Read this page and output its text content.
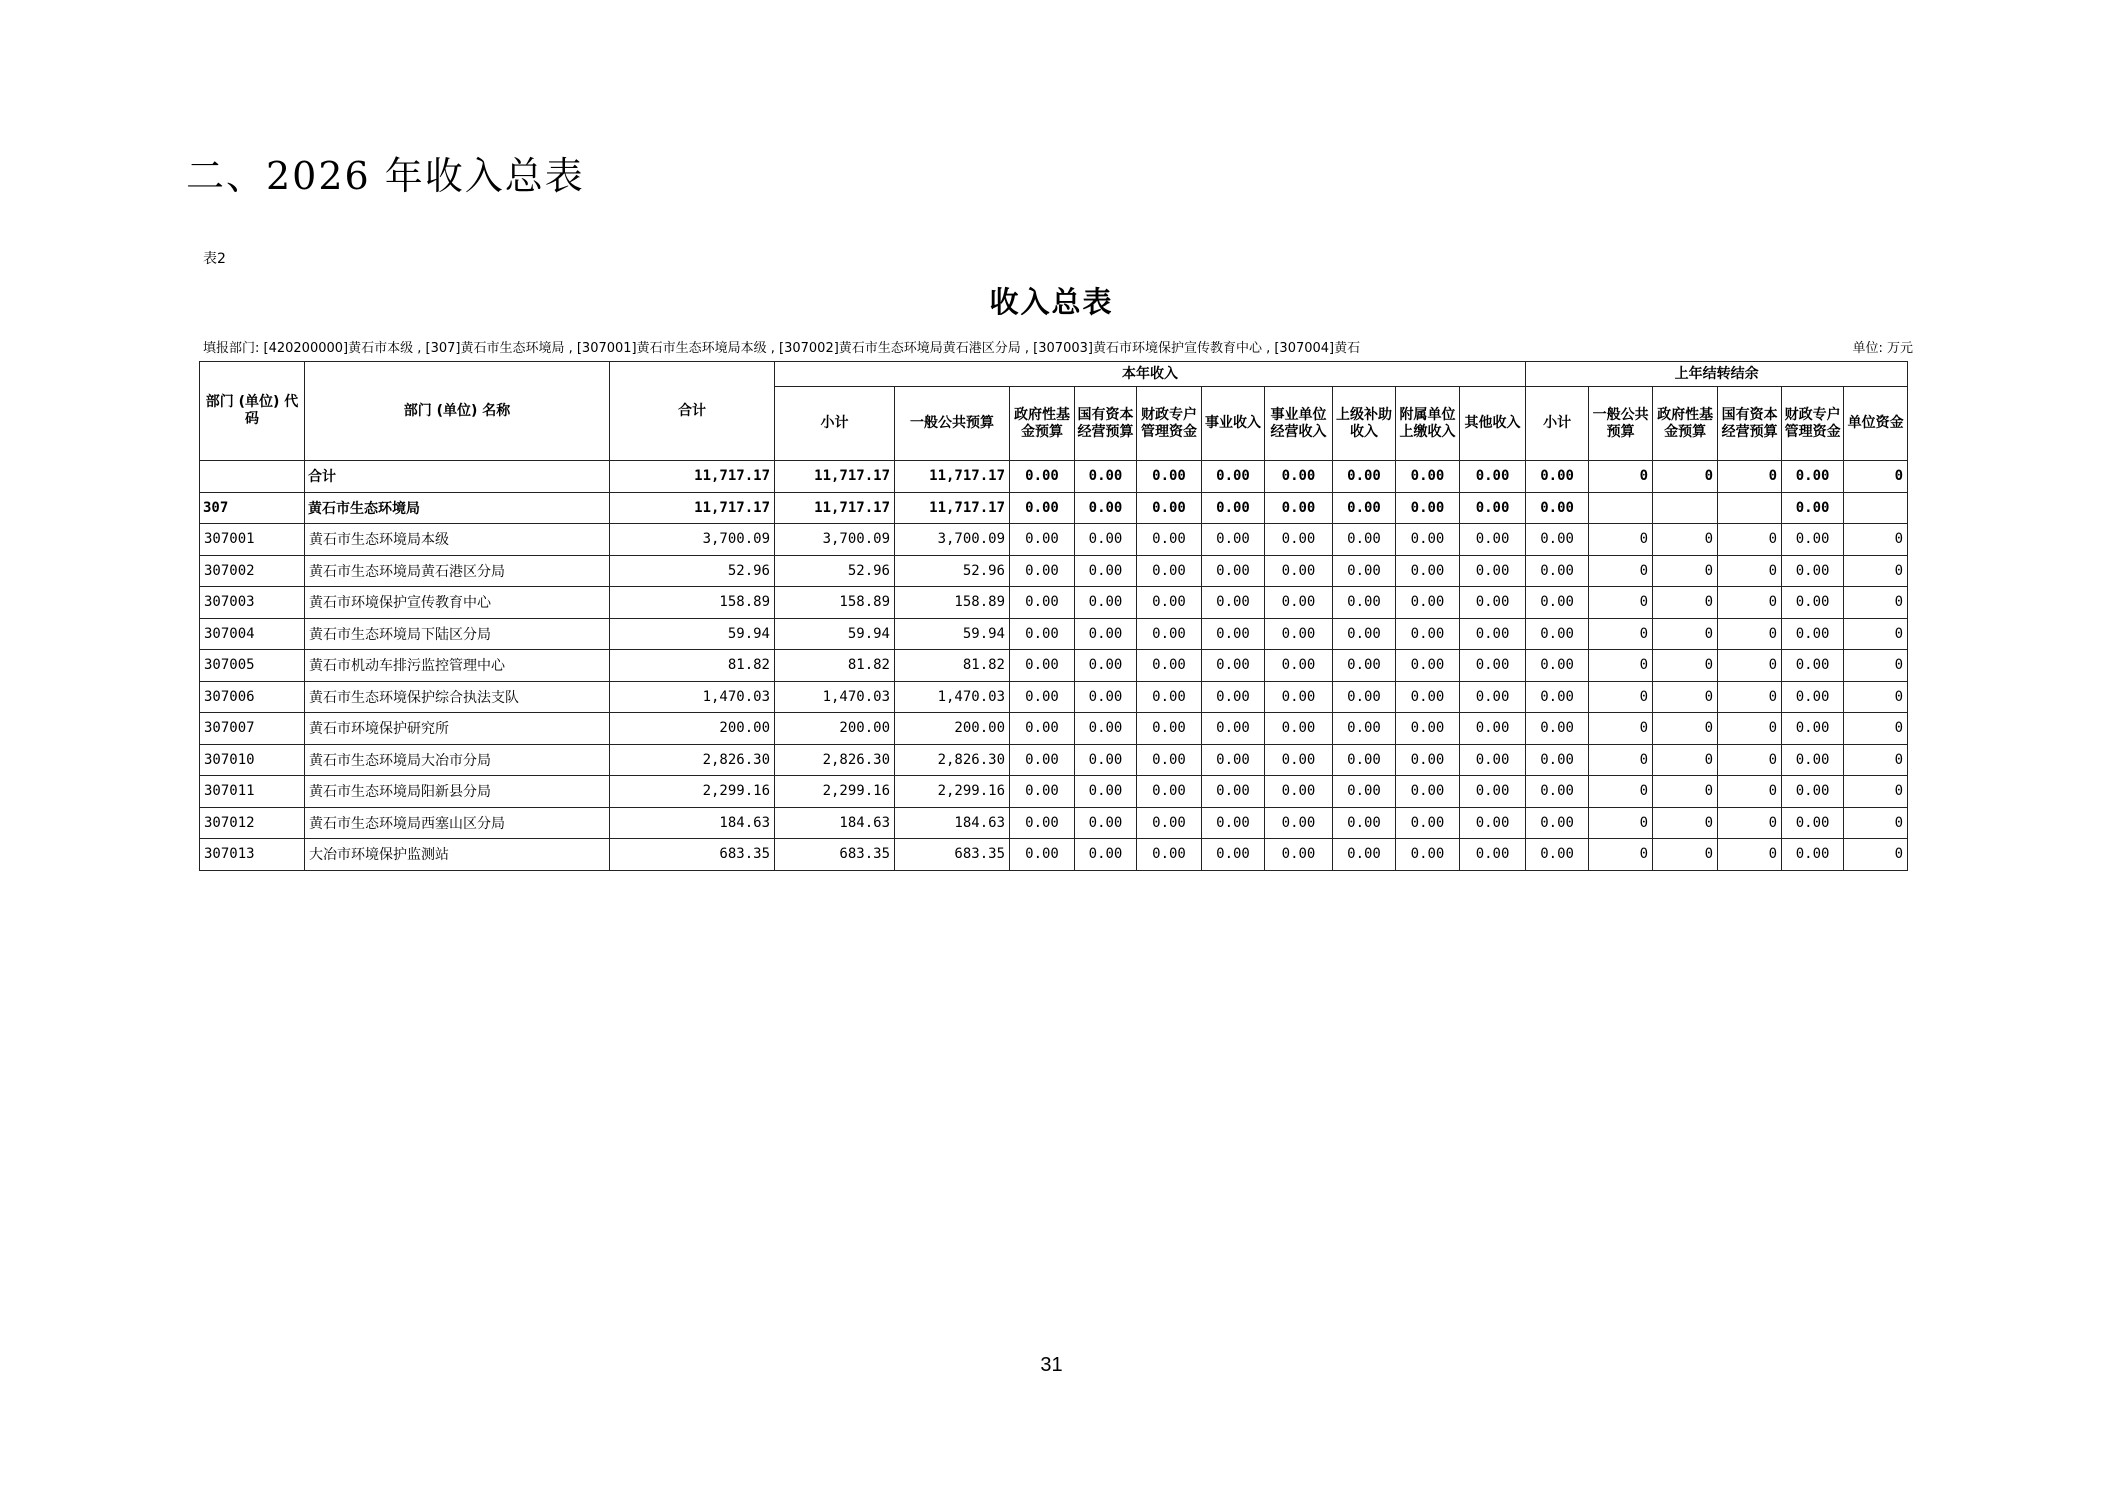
二、2026 年收入总表
表2
收入总表
填报部门: [420200000]黄石市本级 , [307]黄石市生态环境局 , [307001]黄石市生态环境局本级 , [307002]黄石市生态环境局黄石港区分局 , [307003]黄石市环境保护宣传教育中心 , [307004]黄石	单位: 万元
部门 (单位) 代码	部门 (单位) 名称	合计	本年收入										上年结转结余					
			小计	一般公共预算	政府性基金预算	国有资本经营预算	财政专户管理资金	事业收入	事业单位经营收入	上级补助收入	附属单位上缴收入	其他收入	小计	一般公共预算	政府性基金预算	国有资本经营预算	财政专户管理资金	单位资金
	合计	11,717.17	11,717.17	11,717.17	0.00	0.00	0.00	0.00	0.00	0.00	0.00	0.00	0.00	0	0	0	0.00	0
307	黄石市生态环境局	11,717.17	11,717.17	11,717.17	0.00	0.00	0.00	0.00	0.00	0.00	0.00	0.00	0.00				0.00	
307001	黄石市生态环境局本级	3,700.09	3,700.09	3,700.09	0.00	0.00	0.00	0.00	0.00	0.00	0.00	0.00	0.00	0	0	0	0.00	0
307002	黄石市生态环境局黄石港区分局	52.96	52.96	52.96	0.00	0.00	0.00	0.00	0.00	0.00	0.00	0.00	0.00	0	0	0	0.00	0
307003	黄石市环境保护宣传教育中心	158.89	158.89	158.89	0.00	0.00	0.00	0.00	0.00	0.00	0.00	0.00	0.00	0	0	0	0.00	0
307004	黄石市生态环境局下陆区分局	59.94	59.94	59.94	0.00	0.00	0.00	0.00	0.00	0.00	0.00	0.00	0.00	0	0	0	0.00	0
307005	黄石市机动车排污监控管理中心	81.82	81.82	81.82	0.00	0.00	0.00	0.00	0.00	0.00	0.00	0.00	0.00	0	0	0	0.00	0
307006	黄石市生态环境保护综合执法支队	1,470.03	1,470.03	1,470.03	0.00	0.00	0.00	0.00	0.00	0.00	0.00	0.00	0.00	0	0	0	0.00	0
307007	黄石市环境保护研究所	200.00	200.00	200.00	0.00	0.00	0.00	0.00	0.00	0.00	0.00	0.00	0.00	0	0	0	0.00	0
307010	黄石市生态环境局大冶市分局	2,826.30	2,826.30	2,826.30	0.00	0.00	0.00	0.00	0.00	0.00	0.00	0.00	0.00	0	0	0	0.00	0
307011	黄石市生态环境局阳新县分局	2,299.16	2,299.16	2,299.16	0.00	0.00	0.00	0.00	0.00	0.00	0.00	0.00	0.00	0	0	0	0.00	0
307012	黄石市生态环境局西塞山区分局	184.63	184.63	184.63	0.00	0.00	0.00	0.00	0.00	0.00	0.00	0.00	0.00	0	0	0	0.00	0
307013	大冶市环境保护监测站	683.35	683.35	683.35	0.00	0.00	0.00	0.00	0.00	0.00	0.00	0.00	0.00	0	0	0	0.00	0
31
